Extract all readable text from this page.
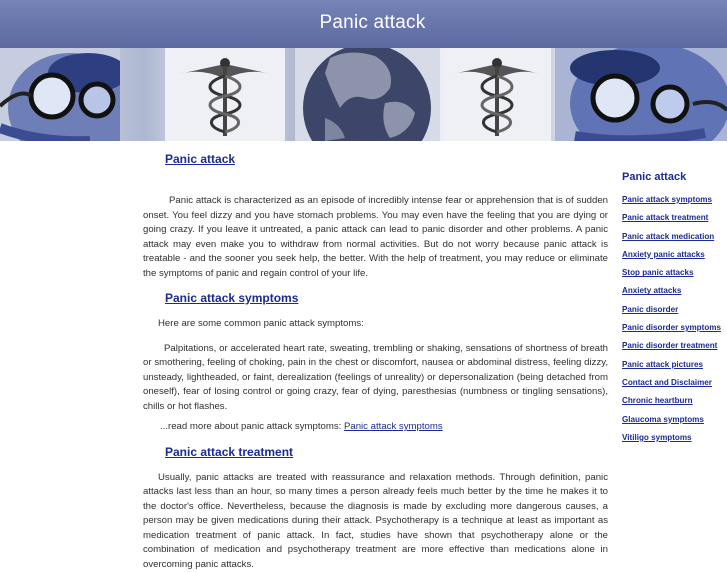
Panic attack
Panic attack

Panic attack is characterized as an episode of incredibly intense fear or apprehension that is of sudden onset. You feel dizzy and you have stomach problems. You may even have the feeling that you are dying or going crazy. If you leave it untreated, a panic attack can lead to panic disorder and other problems. A panic attack may even make you to withdraw from normal activities. But do not worry because panic attack is treatable - and the sooner you seek help, the better. With the help of treatment, you may reduce or eliminate the symptoms of panic and regain control of your life.

Panic attack symptoms

Here are some common panic attack symptoms:

Palpitations, or accelerated heart rate, sweating, trembling or shaking, sensations of shortness of breath or smothering, feeling of choking, pain in the chest or discomfort, nausea or abdominal distress, feeling dizzy, unsteady, lightheaded, or faint, derealization (feelings of unreality) or depersonalization (being detached from oneself), fear of losing control or going crazy, fear of dying, paresthesias (numbness or tingling sensations), chills or hot flashes.

...read more about panic attack symptoms: Panic attack symptoms

Panic attack treatment

Usually, panic attacks are treated with reassurance and relaxation methods. Through definition, panic attacks last less than an hour, so many times a person already feels much better by the time he makes it to the doctor's office. Nevertheless, because the diagnosis is made by excluding more dangerous causes, a person may be given medications during their attack. Psychotherapy is a technique at least as important as medication treatment of panic attack. In fact, studies have shown that psychotherapy alone or the combination of medication and psychotherapy treatment are more effective than medications alone in overcoming panic attacks.

Panic attack
Panic attack symptoms
Panic attack treatment
Panic attack medication
Anxiety panic attacks
Stop panic attacks
Anxiety attacks
Panic disorder
Panic disorder symptoms
Panic disorder treatment
Panic attack pictures
Contact and Disclaimer
Chronic heartburn
Glaucoma symptoms
Vitiligo symptoms
